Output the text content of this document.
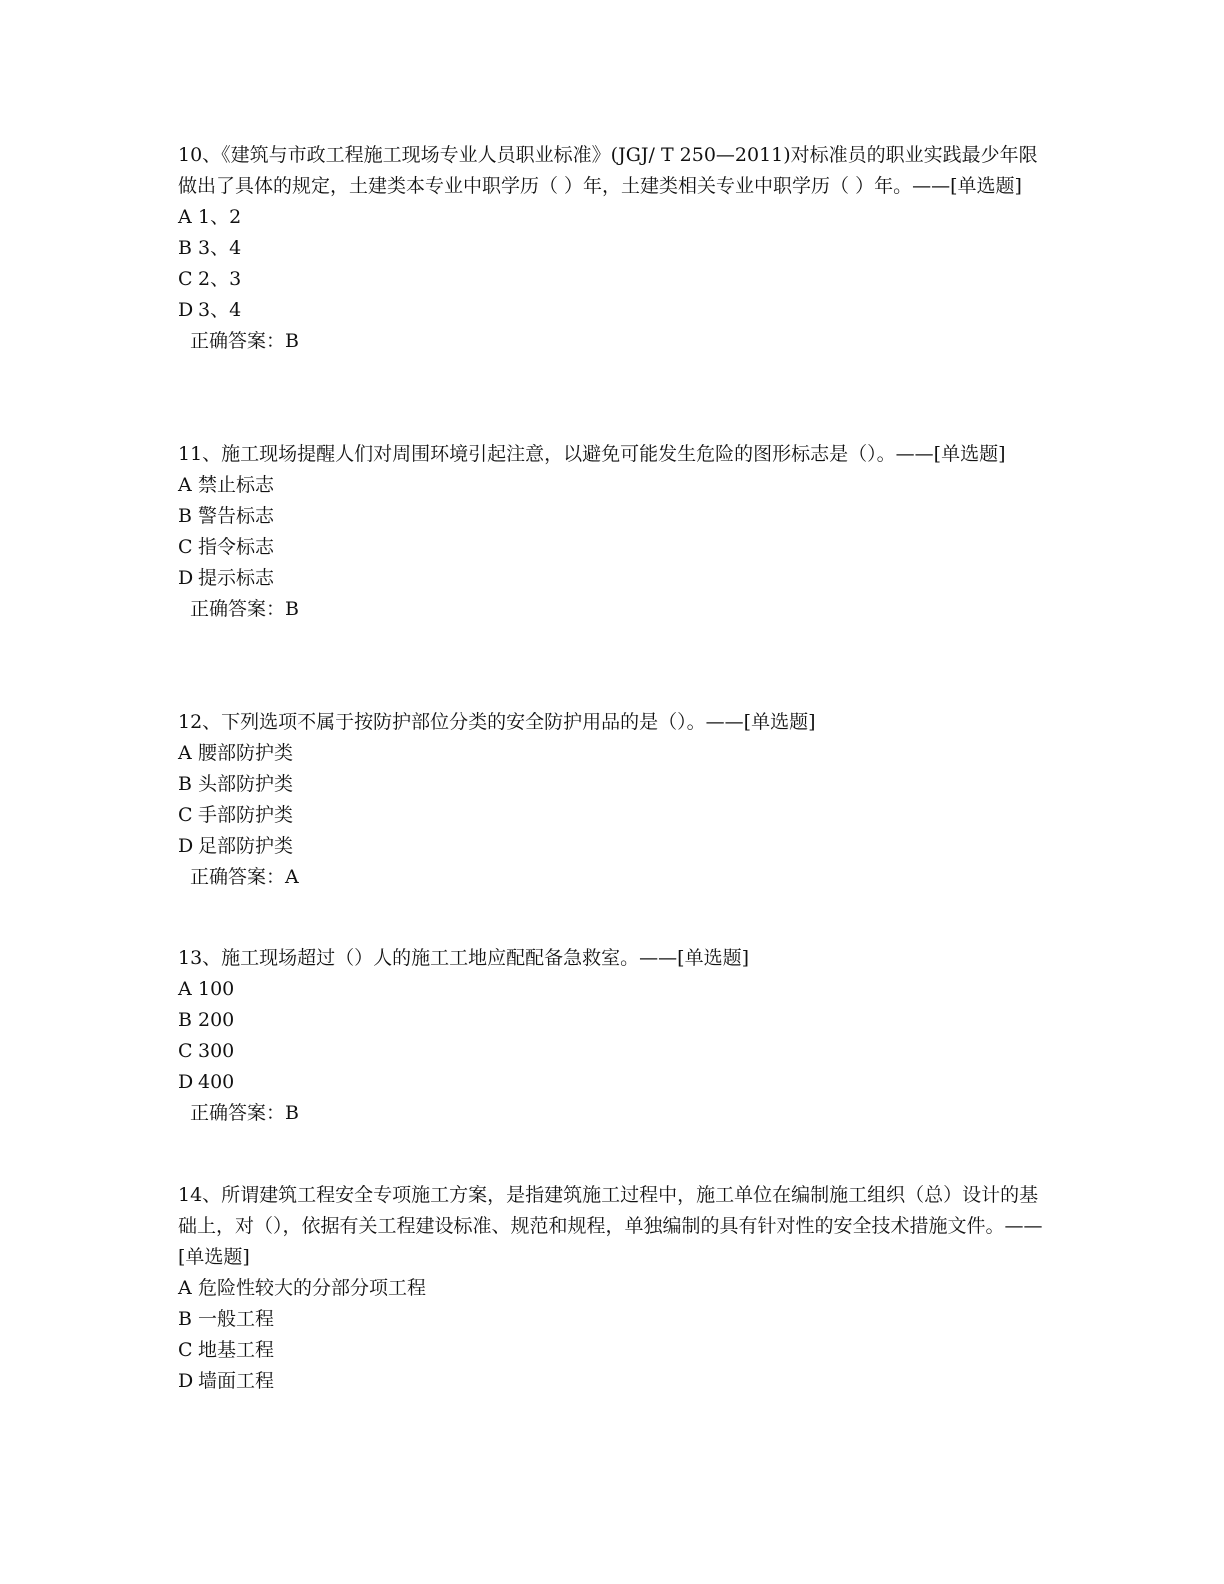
10、《建筑与市政工程施工现场专业人员职业标准》(JGJ/ T 250—2011)对标准员的职业实践最少年限做出了具体的规定，土建类本专业中职学历（ ）年，土建类相关专业中职学历（ ）年。——[单选题]

A 1、2

B 3、4

C 2、3

D 3、4

正确答案：B

11、施工现场提醒人们对周围环境引起注意，以避免可能发生危险的图形标志是（）。——[单选题]

A 禁止标志

B 警告标志

C 指令标志

D 提示标志

正确答案：B

12、下列选项不属于按防护部位分类的安全防护用品的是（）。——[单选题]

A 腰部防护类

B 头部防护类

C 手部防护类

D 足部防护类

正确答案：A

13、施工现场超过（）人的施工工地应配配备急救室。——[单选题]

A 100

B 200

C 300

D 400

正确答案：B

14、所谓建筑工程安全专项施工方案，是指建筑施工过程中，施工单位在编制施工组织（总）设计的基础上，对（），依据有关工程建设标准、规范和规程，单独编制的具有针对性的安全技术措施文件。——[单选题]

A 危险性较大的分部分项工程

B 一般工程

C 地基工程

D 墙面工程
